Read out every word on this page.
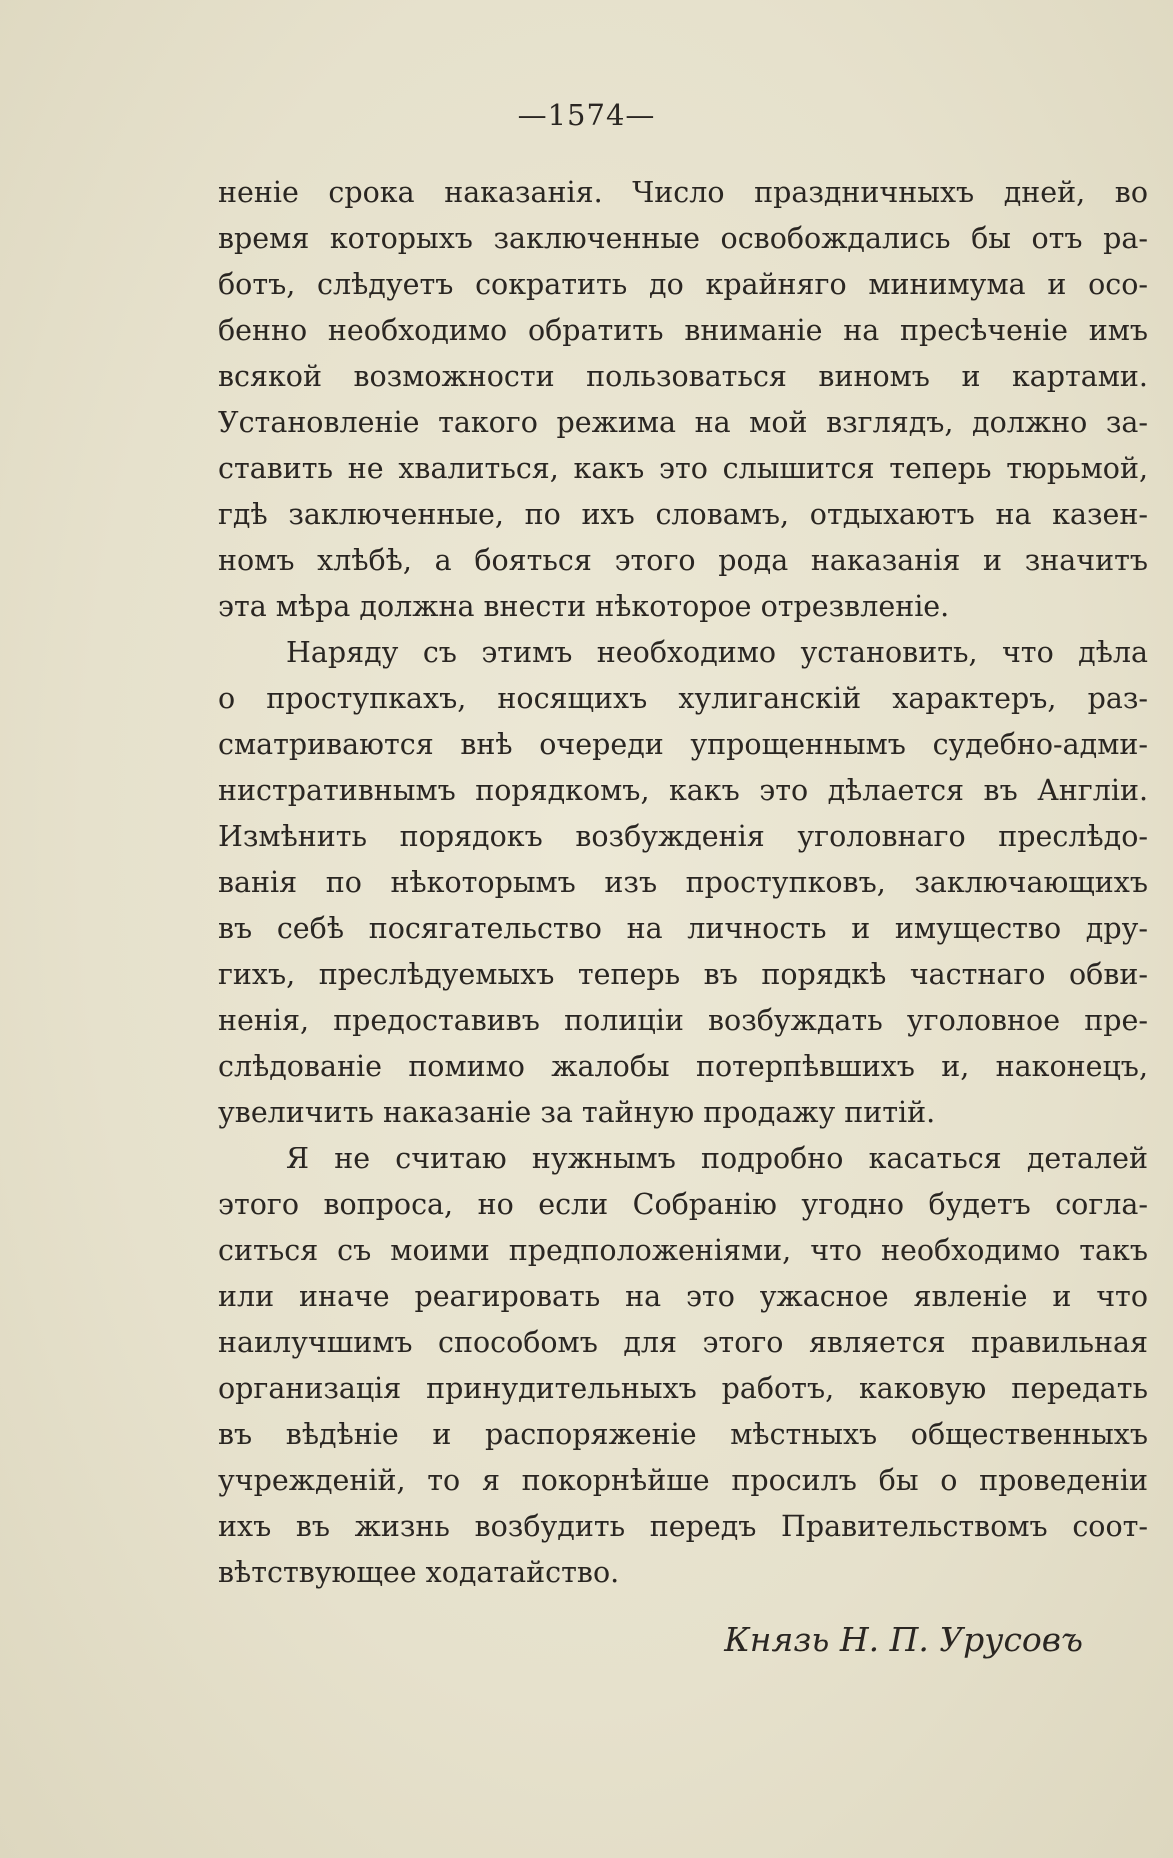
—1574—
неніе срока наказанія. Число праздничныхъ дней, во
время которыхъ заключенные освобождались бы отъ ра-
ботъ, слѣдуетъ сократить до крайняго минимума и осо-
бенно необходимо обратить вниманіе на пресѣченіе имъ
всякой возможности пользоваться виномъ и картами.
Установленіе такого режима на мой взглядъ, должно за-
ставить не хвалиться, какъ это слышится теперь тюрьмой,
гдѣ заключенные, по ихъ словамъ, отдыхаютъ на казен-
номъ хлѣбѣ, а бояться этого рода наказанія и значитъ
эта мѣра должна внести нѣкоторое отрезвленіе.
Наряду съ этимъ необходимо установить, что дѣла
о проступкахъ, носящихъ хулиганскій характеръ, раз-
сматриваются внѣ очереди упрощеннымъ судебно-адми-
нистративнымъ порядкомъ, какъ это дѣлается въ Англіи.
Измѣнить порядокъ возбужденія уголовнаго преслѣдо-
ванія по нѣкоторымъ изъ проступковъ, заключающихъ
въ себѣ посягательство на личность и имущество дру-
гихъ, преслѣдуемыхъ теперь въ порядкѣ частнаго обви-
ненія, предоставивъ полиціи возбуждать уголовное пре-
слѣдованіе помимо жалобы потерпѣвшихъ и, наконецъ,
увеличить наказаніе за тайную продажу питій.
Я не считаю нужнымъ подробно касаться деталей
этого вопроса, но если Собранію угодно будетъ согла-
ситься съ моими предположеніями, что необходимо такъ
или иначе реагировать на это ужасное явленіе и что
наилучшимъ способомъ для этого является правильная
организація принудительныхъ работъ, каковую передать
въ вѣдѣніе и распоряженіе мѣстныхъ общественныхъ
учрежденій, то я покорнѣйше просилъ бы о проведеніи
ихъ въ жизнь возбудить передъ Правительствомъ соот-
вѣтствующее ходатайство.
Князь Н. П. Урусовъ
